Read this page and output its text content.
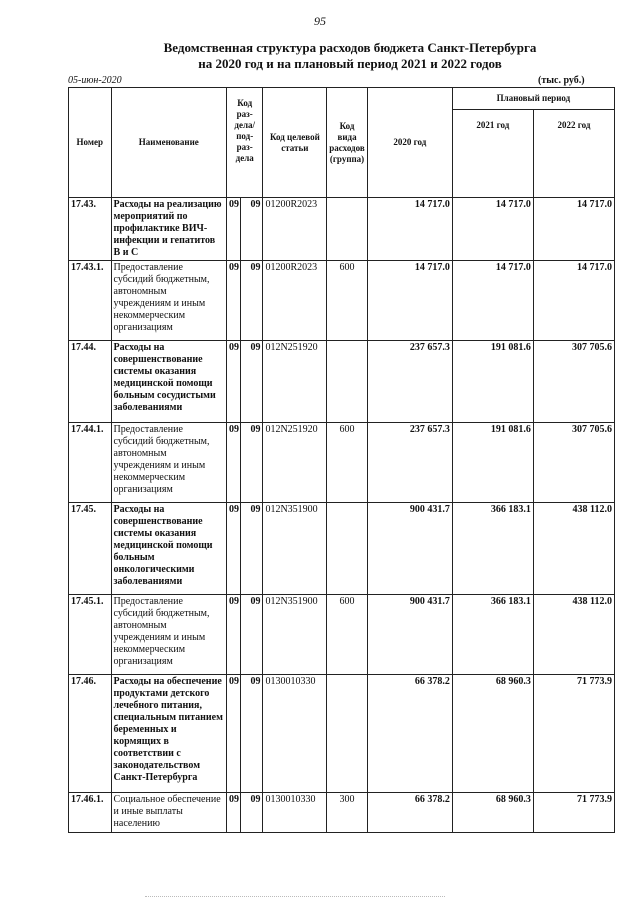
95
Ведомственная структура расходов бюджета Санкт-Петербурга
на 2020 год и на плановый период 2021 и 2022 годов
05-июн-2020	(тыс. руб.)
Номер	Наименование	Код раз-дела/ под-раз-дела		Код целевой статьи	Код вида расходов (группа)	2020 год	Плановый период	
							2021 год	2022 год
17.43.	Расходы на реализацию мероприятий по профилактике ВИЧ-инфекции и гепатитов В и С	09	09	01200R2023		14 717.0	14 717.0	14 717.0
17.43.1.	Предоставление субсидий бюджетным, автономным учреждениям и иным некоммерческим организациям	09	09	01200R2023	600	14 717.0	14 717.0	14 717.0
17.44.	Расходы на совершенствование системы оказания медицинской помощи больным сосудистыми заболеваниями	09	09	012N251920		237 657.3	191 081.6	307 705.6
17.44.1.	Предоставление субсидий бюджетным, автономным учреждениям и иным некоммерческим организациям	09	09	012N251920	600	237 657.3	191 081.6	307 705.6
17.45.	Расходы на совершенствование системы оказания медицинской помощи больным онкологическими заболеваниями	09	09	012N351900		900 431.7	366 183.1	438 112.0
17.45.1.	Предоставление субсидий бюджетным, автономным учреждениям и иным некоммерческим организациям	09	09	012N351900	600	900 431.7	366 183.1	438 112.0
17.46.	Расходы на обеспечение продуктами детского лечебного питания, специальным питанием беременных и кормящих в соответствии с законодательством Санкт-Петербурга	09	09	0130010330		66 378.2	68 960.3	71 773.9
17.46.1.	Социальное обеспечение и иные выплаты населению	09	09	0130010330	300	66 378.2	68 960.3	71 773.9
